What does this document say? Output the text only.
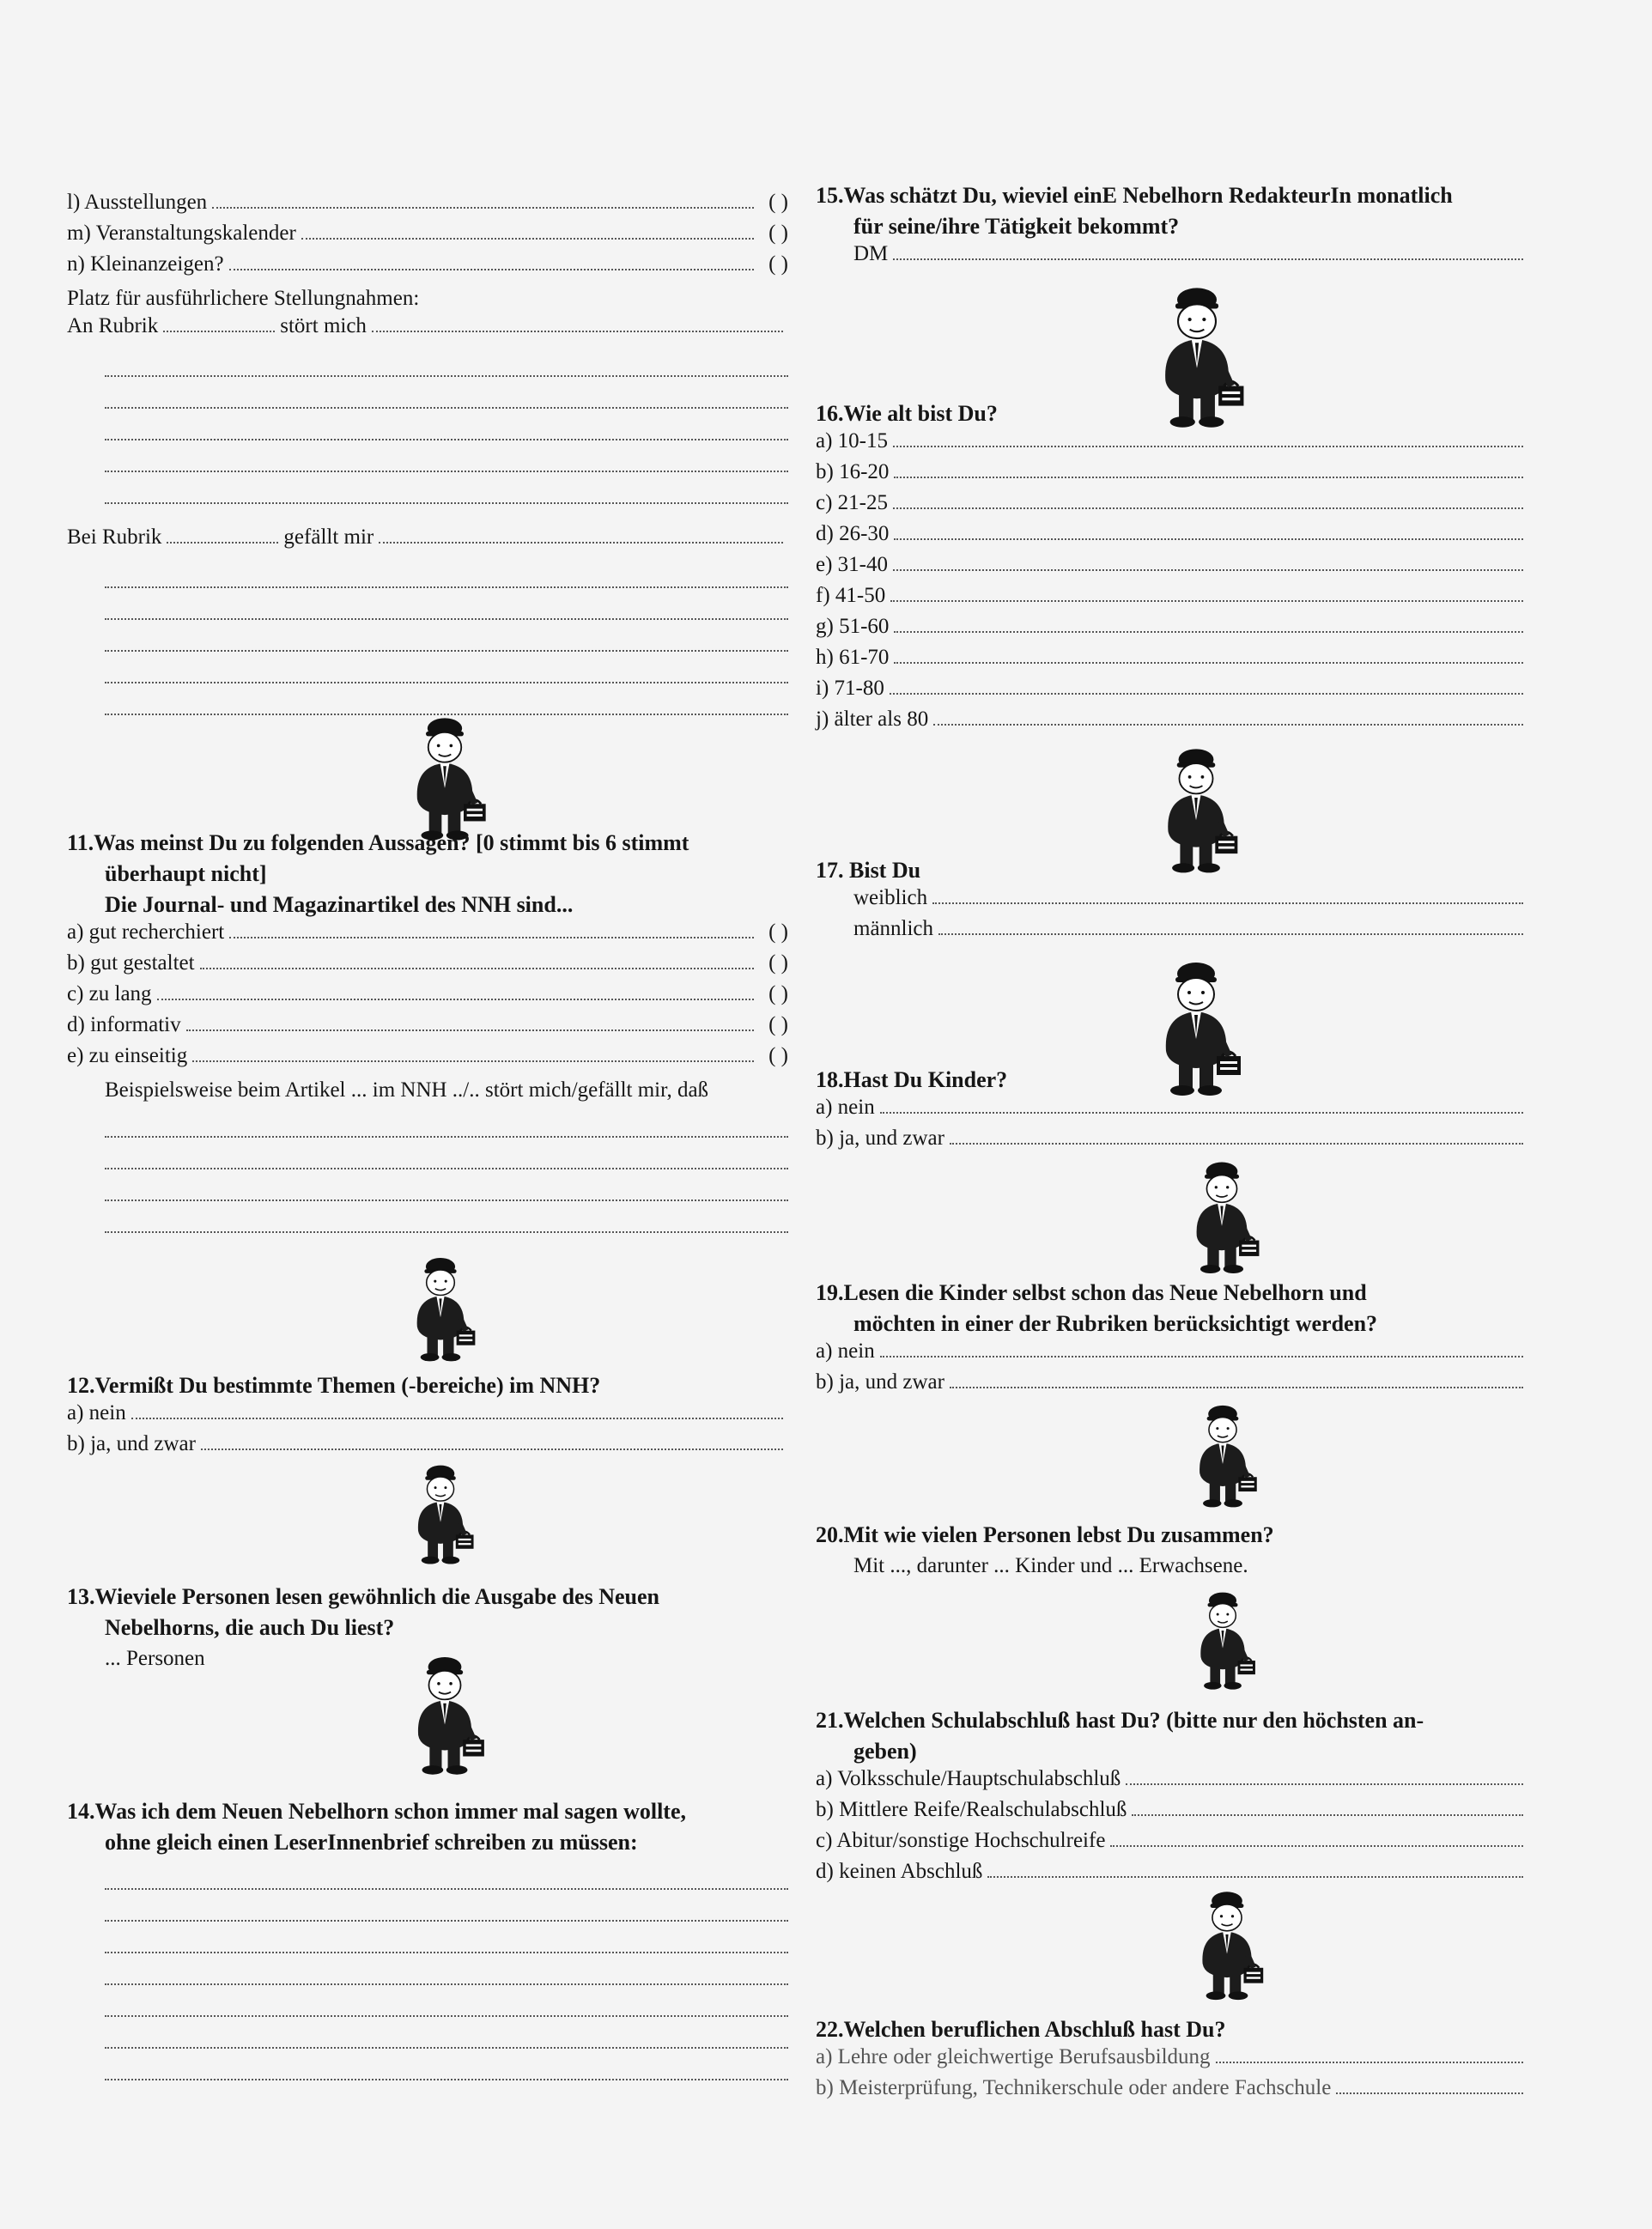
l) Ausstellungen	( )
m) Veranstaltungskalender	( )
n) Kleinanzeigen?	( )
Platz für ausführlichere Stellungnahmen:
An Rubrik	stört mich
Bei Rubrik	gefällt mir
11.Was meinst Du zu folgenden Aussagen? [0 stimmt bis 6 stimmt
überhaupt nicht]
Die Journal- und Magazinartikel des NNH sind...
a) gut recherchiert	( )
b) gut gestaltet	( )
c) zu lang	( )
d) informativ	( )
e) zu einseitig	( )
Beispielsweise beim Artikel ... im NNH ../.. stört mich/gefällt mir, daß
12.Vermißt Du bestimmte Themen (-bereiche) im NNH?
a) nein
b) ja, und zwar
13.Wieviele Personen lesen gewöhnlich die Ausgabe des Neuen
Nebelhorns, die auch Du liest?
... Personen
14.Was ich dem Neuen Nebelhorn schon immer mal sagen wollte,
ohne gleich einen LeserInnenbrief schreiben zu müssen:
15.Was schätzt Du, wieviel einE Nebelhorn RedakteurIn monatlich
für seine/ihre Tätigkeit bekommt?
DM
16.Wie alt bist Du?
a) 10-15
b) 16-20
c) 21-25
d) 26-30
e) 31-40
f) 41-50
g) 51-60
h) 61-70
i) 71-80
j) älter als 80
17. Bist Du
weiblich
männlich
18.Hast Du Kinder?
a) nein
b) ja, und zwar
19.Lesen die Kinder selbst schon das Neue Nebelhorn und
möchten in einer der Rubriken berücksichtigt werden?
a) nein
b) ja, und zwar
20.Mit wie vielen Personen lebst Du zusammen?
Mit ..., darunter ... Kinder und ... Erwachsene.
21.Welchen Schulabschluß hast Du? (bitte nur den höchsten an-
geben)
a) Volksschule/Hauptschulabschluß
b) Mittlere Reife/Realschulabschluß
c) Abitur/sonstige Hochschulreife
d) keinen Abschluß
22.Welchen beruflichen Abschluß hast Du?
a) Lehre oder gleichwertige Berufsausbildung
b) Meisterprüfung, Technikerschule oder andere Fachschule
